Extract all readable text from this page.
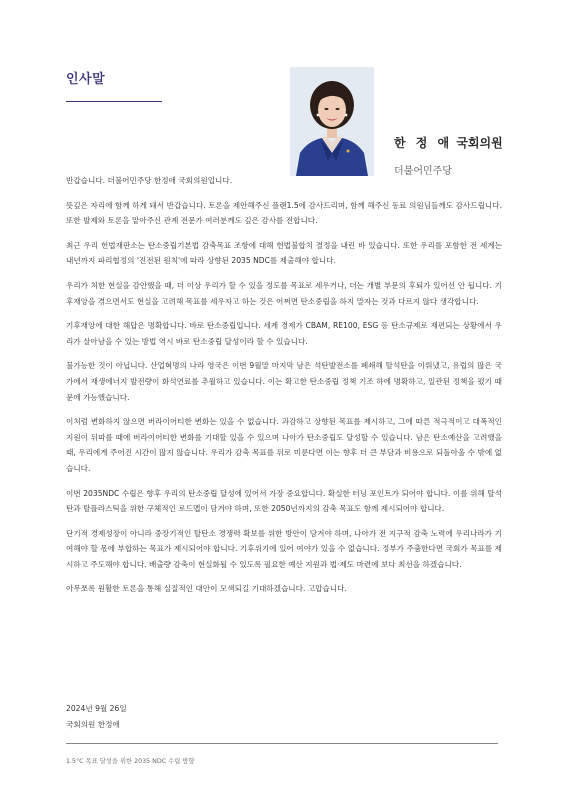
인사말
한 정 애 국회의원
더불어민주당

반갑습니다. 더불어민주당 한정애 국회의원입니다.

뜻깊은 자리에 함께 하게 돼서 반갑습니다. 토론을 제안해주신 플랜1.5에 감사드리며, 함께 해주신 동료 의원님들께도 감사드립니다. 또한 발제와 토론을 맡아주신 관계 전문가 여러분께도 깊은 감사를 전합니다.

최근 우리 헌법재판소는 탄소중립기본법 감축목표 조항에 대해 헌법불합치 결정을 내린 바 있습니다. 또한 우리를 포함한 전 세계는 내년까지 파리협정의 '진전된 원칙'에 따라 상향된 2035 NDC를 제출해야 합니다.

우리가 처한 현실을 감안했을 때, 더 이상 우리가 할 수 있을 정도를 목표로 세우거나, 더는 개별 부문의 후퇴가 있어선 안 됩니다. 기후재앙을 겪으면서도 현실을 고려해 목표를 세우자고 하는 것은 어쩌면 탄소중립을 하지 말자는 것과 다르지 않다 생각합니다.

기후재앙에 대한 해답은 명확합니다. 바로 탄소중립입니다. 세계 경제가 CBAM, RE100, ESG 등 탄소규제로 재편되는 상황에서 우리가 살아남을 수 있는 방법 역시 바로 탄소중립 달성이라 할 수 있습니다.

불가능한 것이 아닙니다. 산업혁명의 나라 영국은 이번 9월말 마지막 남은 석탄발전소를 폐쇄해 탈석탄을 이뤄냈고, 유럽의 많은 국가에서 재생에너지 발전량이 화석연료를 추월하고 있습니다. 이는 확고한 탄소중립 정책 기조 하에 명확하고, 일관된 정책을 폈기 때문에 가능했습니다.

이처럼 변화하지 않으면 버라이어티한 변화는 있을 수 없습니다. 과감하고 상향된 목표를 제시하고, 그에 따른 적극적이고 대폭적인 지원이 뒤따를 때에 버라이어티한 변화를 기대할 있을 수 있으며 나아가 탄소중립도 달성할 수 있습니다. 남은 탄소예산을 고려했을 때, 우리에게 주어진 시간이 많지 않습니다. 우리가 감축 목표를 뒤로 미룬다면 이는 향후 더 큰 부담과 비용으로 되돌아올 수 밖에 없습니다.

이번 2035NDC 수립은 향후 우리의 탄소중립 달성에 있어서 가장 중요합니다. 확실한 터닝 포인트가 되어야 합니다. 이를 위해 탈석탄과 탈플라스틱을 위한 구체적인 로드맵이 담겨야 하며, 또한 2050년까지의 감축 목표도 함께 제시되어야 합니다.

단기적 경제성장이 아니라 중장기적인 탈탄소 경쟁력 확보를 위한 방안이 담겨야 하며, 나아가 전 지구적 감축 노력에 우리나라가 기여해야 할 몫에 부합하는 목표가 제시되어야 합니다. 기후위기에 있어 여야가 있을 수 없습니다. 정부가 주춤한다면 국회가 목표를 제시하고 주도해야 합니다. 배출량 감축이 현실화될 수 있도록 필요한 예산 지원과 법·제도 마련에 보다 최선을 하겠습니다.

아무쪼록 원활한 토론을 통해 실질적인 대안이 모색되길 기대하겠습니다. 고맙습니다.

2024년 9월 26일
국회의원 한정애
1.5°C 목표 달성을 위한 2035 NDC 수립 방향
